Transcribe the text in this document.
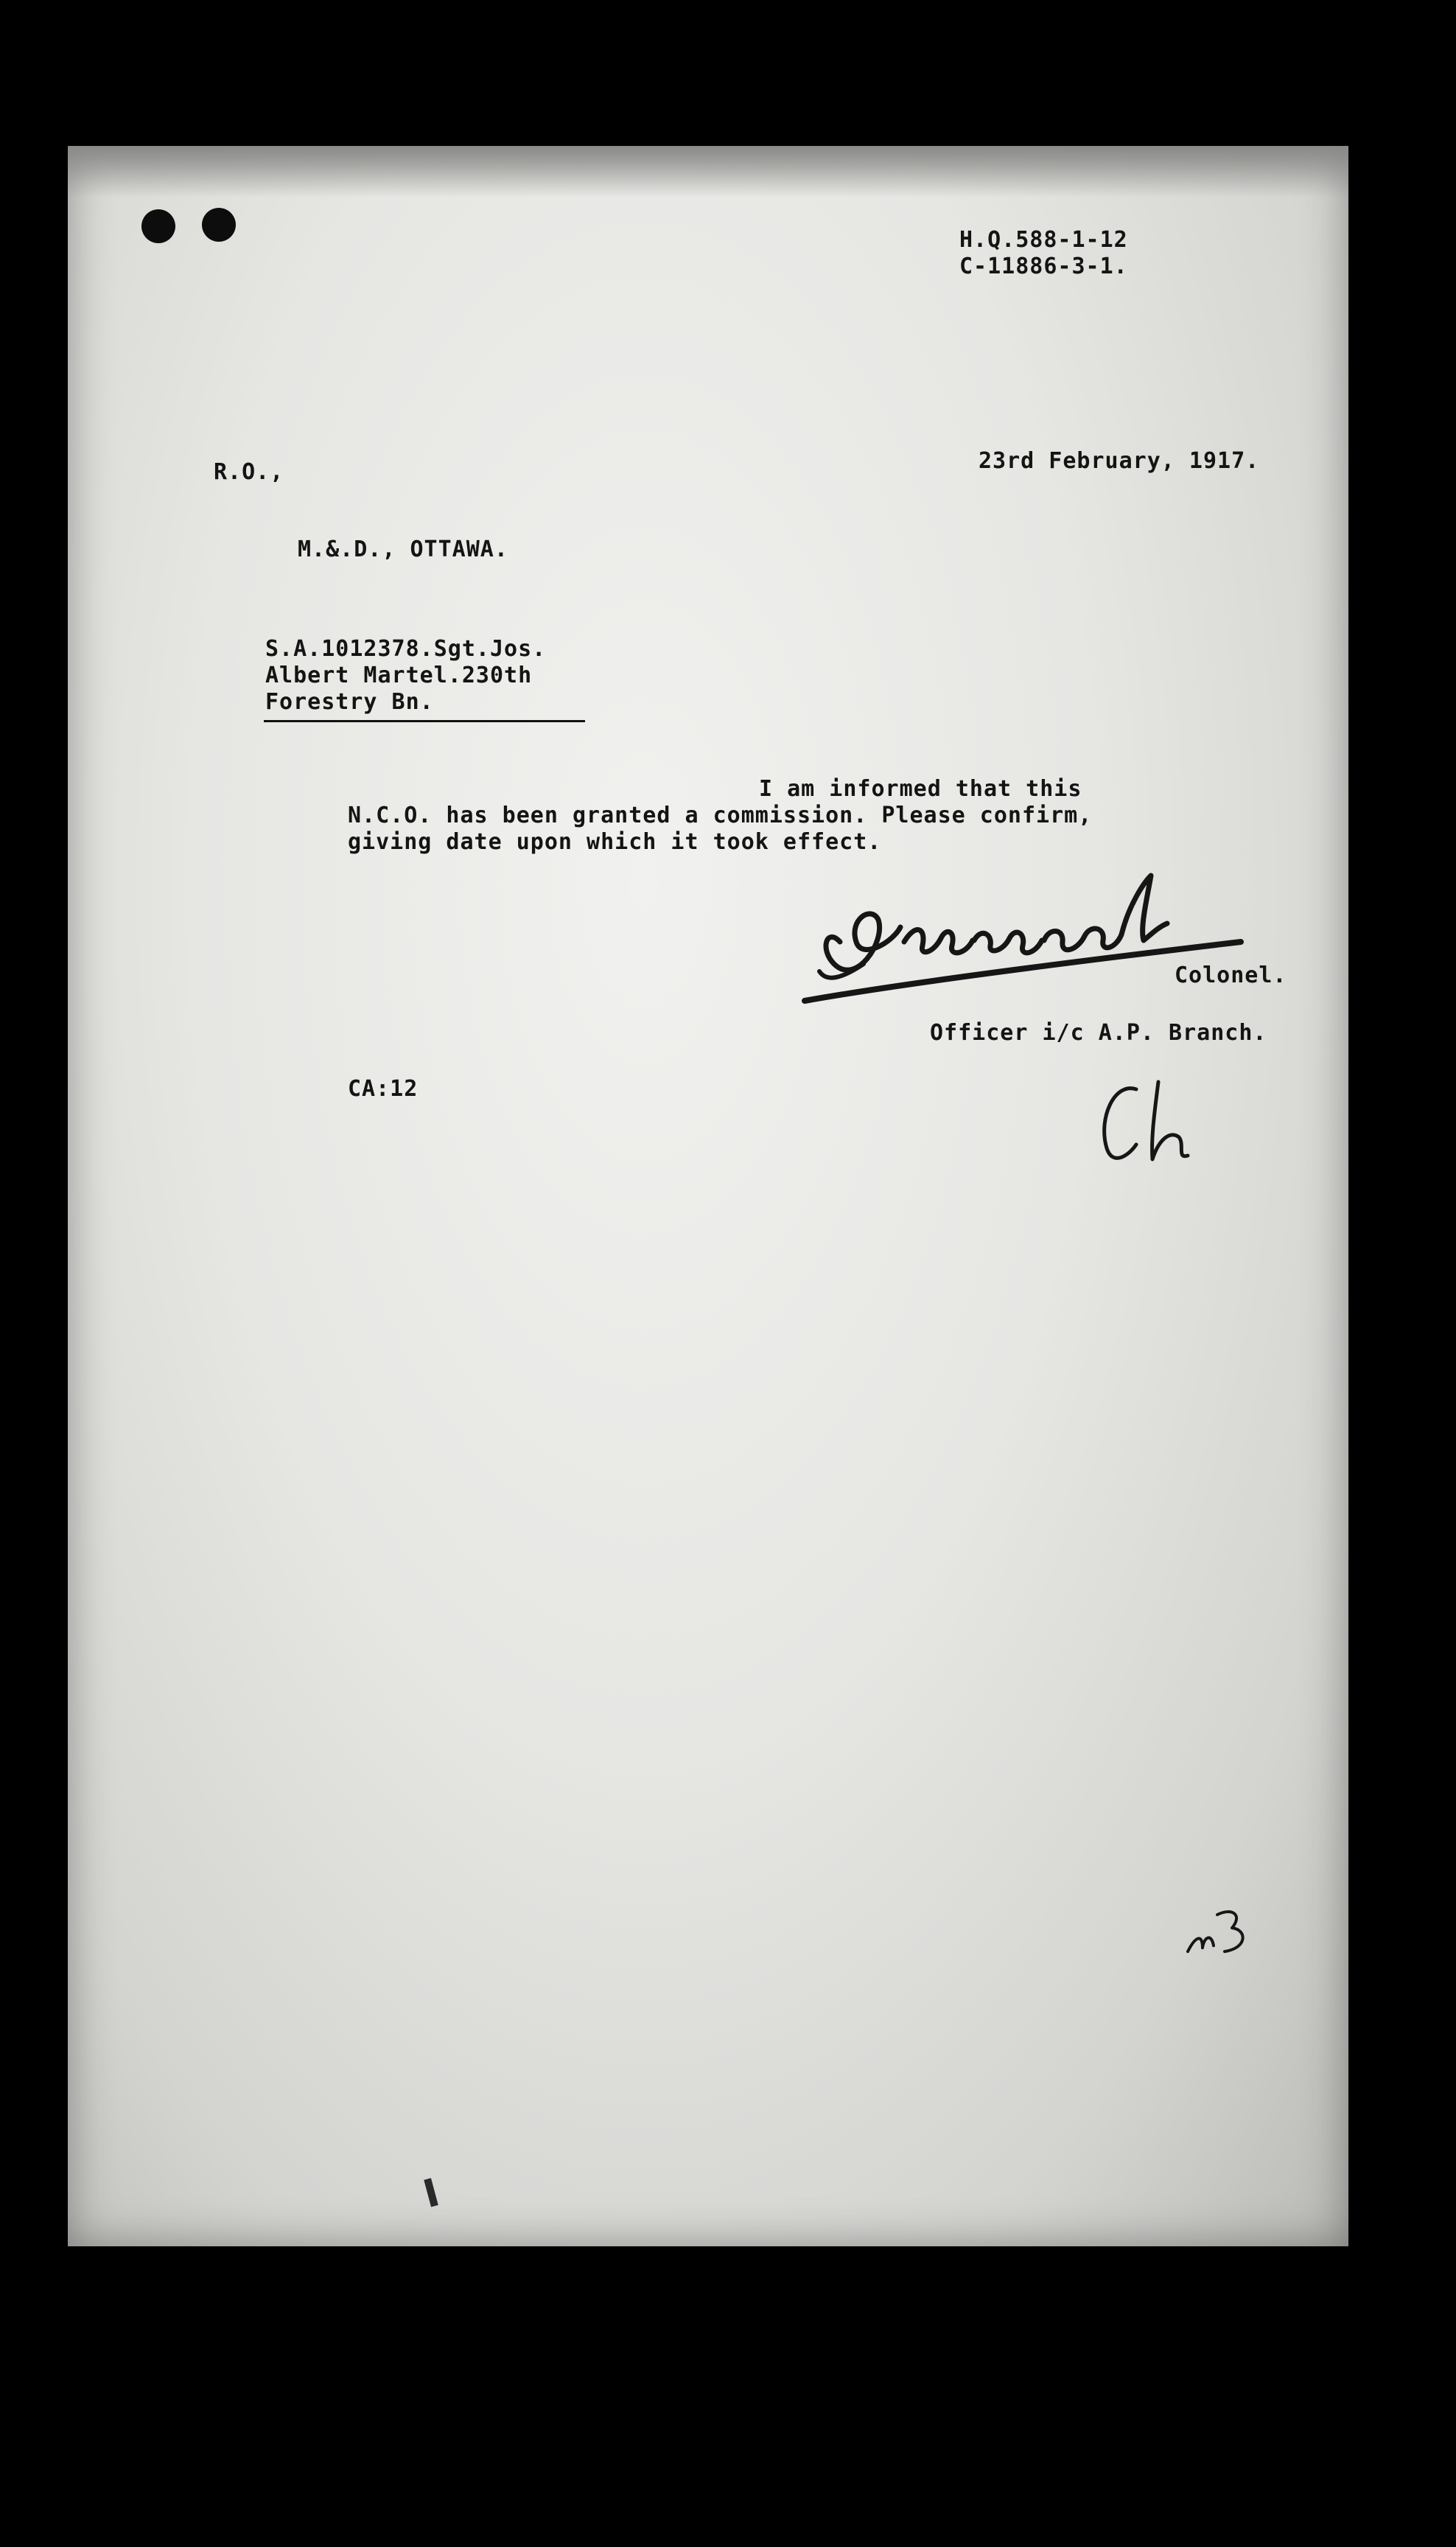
H.Q.588-1-12
C-11886-3-1.
R.O.,	23rd February, 1917.
M.&.D., OTTAWA.
S.A.1012378.Sgt.Jos.
Albert Martel.230th
Forestry Bn.
I am informed that this
N.C.O. has been granted a commission. Please confirm,
giving date upon which it took effect.
Colonel.
Officer i/c A.P. Branch.
CA:12
